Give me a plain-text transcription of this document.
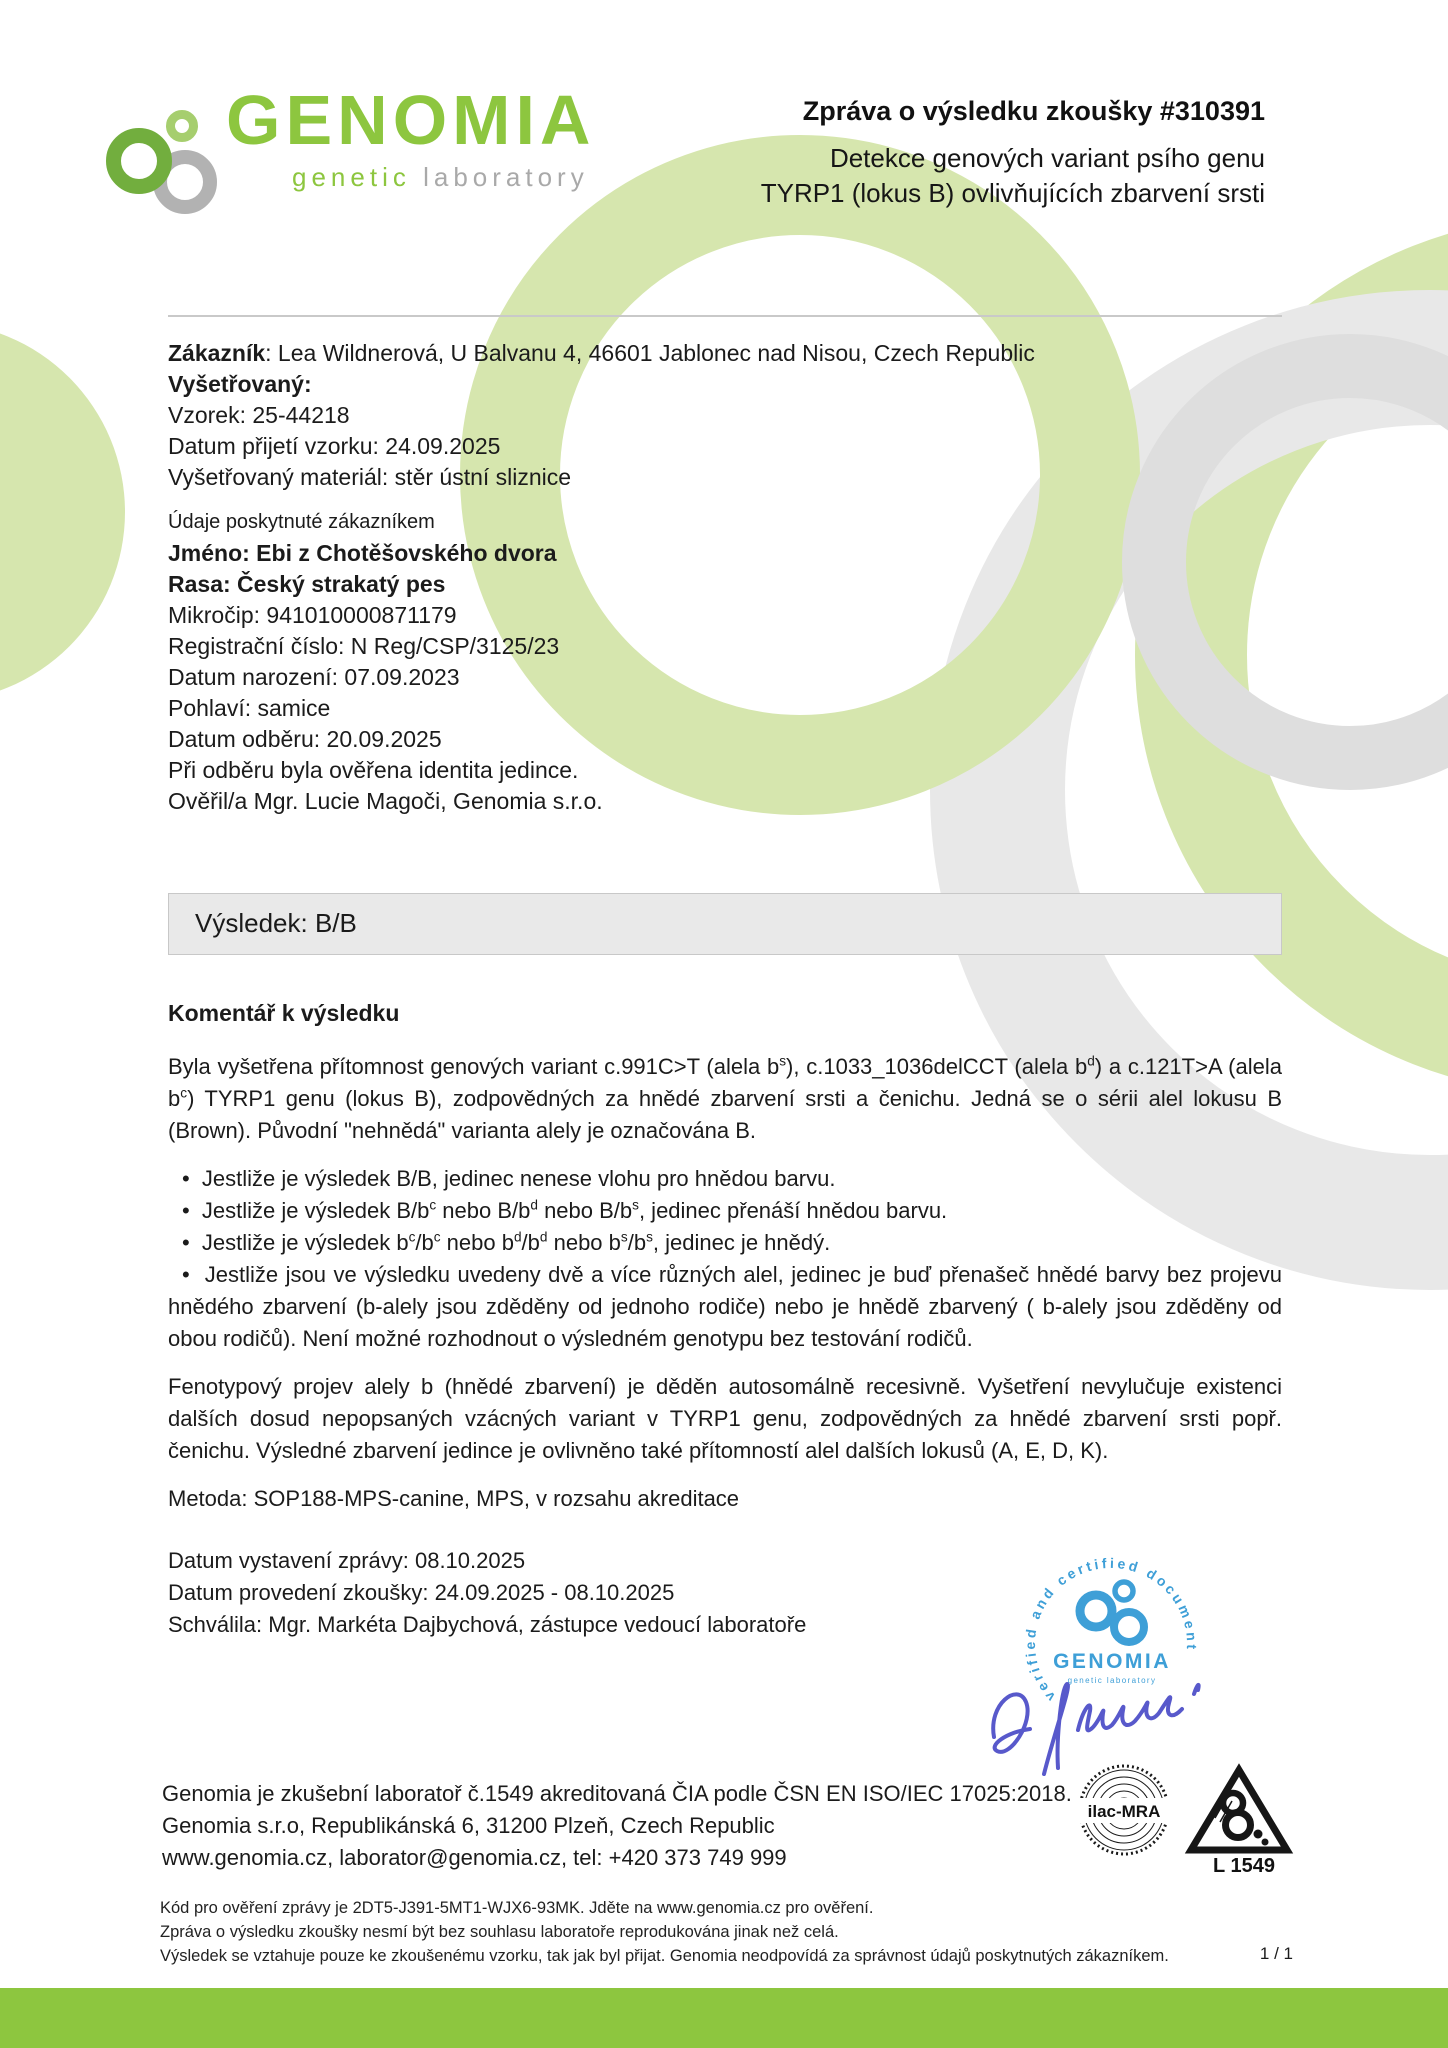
GENOMIA
genetic laboratory
Zpráva o výsledku zkoušky #310391
Detekce genových variant psího genu
TYRP1 (lokus B) ovlivňujících zbarvení srsti
Zákazník: Lea Wildnerová, U Balvanu 4, 46601 Jablonec nad Nisou, Czech Republic
Vyšetřovaný:
Vzorek: 25-44218
Datum přijetí vzorku: 24.09.2025
Vyšetřovaný materiál: stěr ústní sliznice
Údaje poskytnuté zákazníkem
Jméno: Ebi z Chotěšovského dvora
Rasa: Český strakatý pes
Mikročip: 941010000871179
Registrační číslo: N Reg/CSP/3125/23
Datum narození: 07.09.2023
Pohlaví: samice
Datum odběru: 20.09.2025
Při odběru byla ověřena identita jedince.
Ověřil/a Mgr. Lucie Magoči, Genomia s.r.o.
Výsledek: B/B
Komentář k výsledku

Byla vyšetřena přítomnost genových variant c.991C>T (alela $b^s$), c.1033_1036delCCT (alela $b^d$) a c.121T>A (alela $b^c$) TYRP1 genu (lokus B), zodpovědných za hnědé zbarvení srsti a čenichu. Jedná se o sérii alel lokusu B (Brown). Původní "nehnědá" varianta alely je označována B.

•  Jestliže je výsledek B/B, jedinec nenese vlohu pro hnědou barvu.

•  Jestliže je výsledek $B/b^c$ nebo $B/b^d$ nebo $B/b^s$, jedinec přenáší hnědou barvu.

•  Jestliže je výsledek $b^c/b^c$ nebo $b^d/b^d$ nebo $b^s/b^s$, jedinec je hnědý.

•  Jestliže jsou ve výsledku uvedeny dvě a více různých alel, jedinec je buď přenašeč hnědé barvy bez projevu hnědého zbarvení (b-alely jsou zděděny od jednoho rodiče) nebo je hnědě zbarvený ( b-alely jsou zděděny od obou rodičů). Není možné rozhodnout o výsledném genotypu bez testování rodičů.

Fenotypový projev alely b (hnědé zbarvení) je děděn autosomálně recesivně. Vyšetření nevylučuje existenci dalších dosud nepopsaných vzácných variant v TYRP1 genu, zodpovědných za hnědé zbarvení srsti popř. čenichu. Výsledné zbarvení jedince je ovlivněno také přítomností alel dalších lokusů (A, E, D, K).

Metoda: SOP188-MPS-canine, MPS, v rozsahu akreditace

Datum vystavení zprávy: 08.10.2025
Datum provedení zkoušky: 24.09.2025 - 08.10.2025
Schválila: Mgr. Markéta Dajbychová, zástupce vedoucí laboratoře
verified and certified document
GENOMIA
genetic laboratory
Genomia je zkušební laboratoř č.1549 akreditovaná ČIA podle ČSN EN ISO/IEC 17025:2018.
Genomia s.r.o, Republikánská 6, 31200 Plzeň, Czech Republic
www.genomia.cz, laborator@genomia.cz, tel: +420 373 749 999
ilac-MRA

L 1549
Kód pro ověření zprávy je 2DT5-J391-5MT1-WJX6-93MK. Jděte na www.genomia.cz pro ověření.
Zpráva o výsledku zkoušky nesmí být bez souhlasu laboratoře reprodukována jinak než celá.
Výsledek se vztahuje pouze ke zkoušenému vzorku, tak jak byl přijat. Genomia neodpovídá za správnost údajů poskytnutých zákazníkem.	1 / 1
